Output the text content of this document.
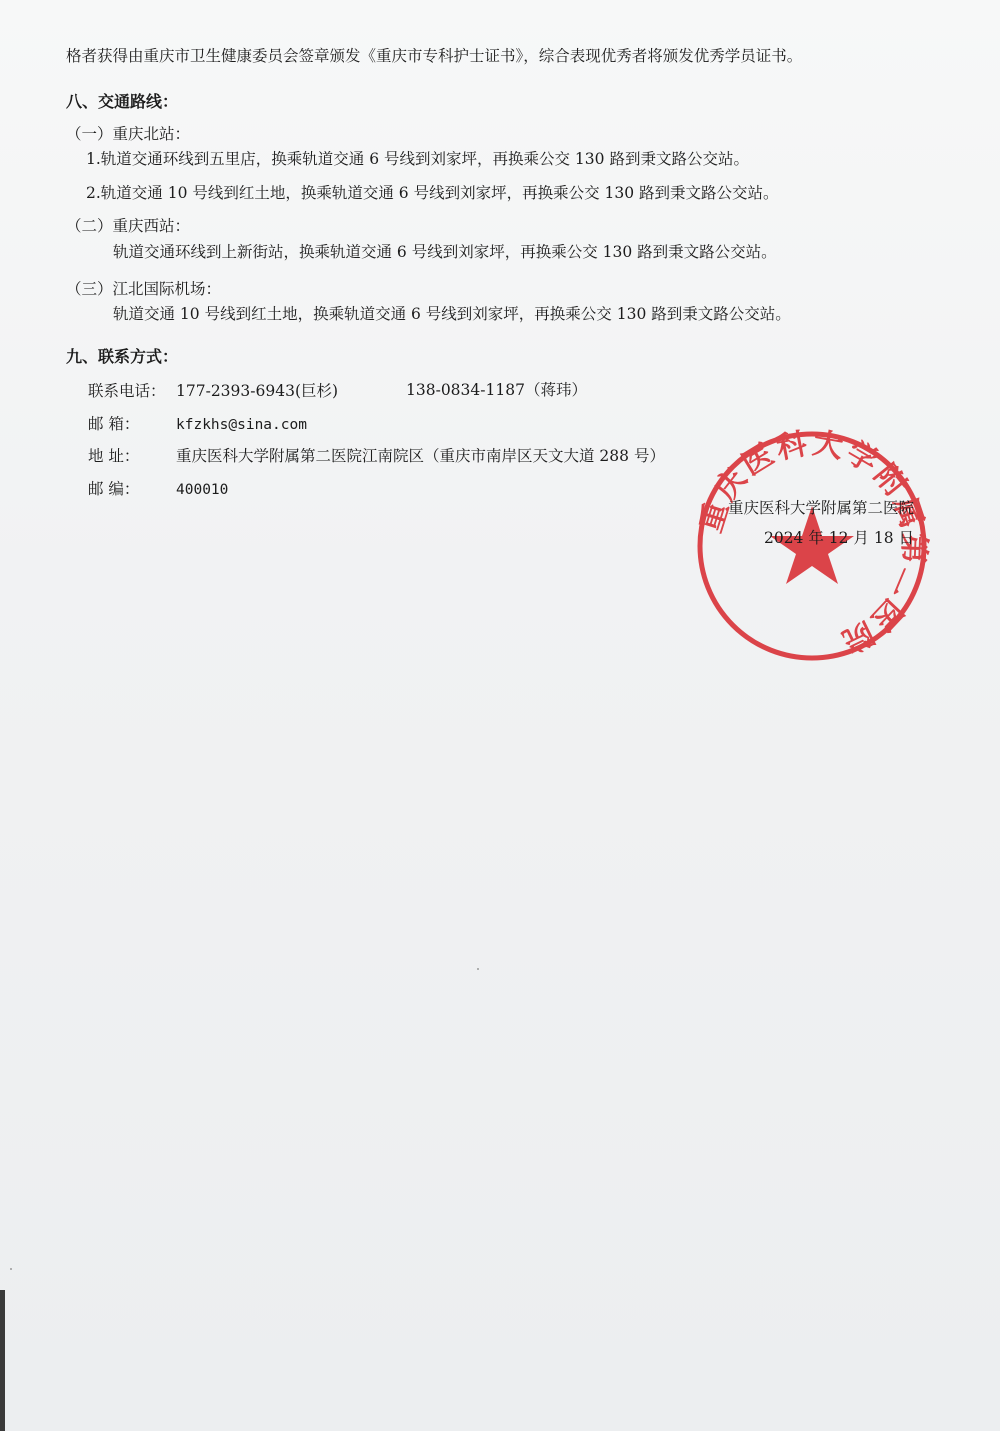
格者获得由重庆市卫生健康委员会签章颁发《重庆市专科护士证书》，综合表现优秀者将颁发优秀学员证书。
八、交通路线：
（一）重庆北站：
1.轨道交通环线到五里店，换乘轨道交通 6 号线到刘家坪，再换乘公交 130 路到秉文路公交站。
2.轨道交通 10 号线到红土地，换乘轨道交通 6 号线到刘家坪，再换乘公交 130 路到秉文路公交站。
（二）重庆西站：
轨道交通环线到上新街站，换乘轨道交通 6 号线到刘家坪，再换乘公交 130 路到秉文路公交站。
（三）江北国际机场：
轨道交通 10 号线到红土地，换乘轨道交通 6 号线到刘家坪，再换乘公交 130 路到秉文路公交站。
九、联系方式：
联系电话： 177-2393-6943(巨杉)	138-0834-1187（蒋玮）
邮 箱：	kfzkhs@sina.com
地 址： 重庆医科大学附属第二医院江南院区（重庆市南岸区天文大道 288 号）
邮 编：	400010
重庆医科大学附属第二医院
重庆医科大学附属第二医院
2024 年 12 月 18 日
